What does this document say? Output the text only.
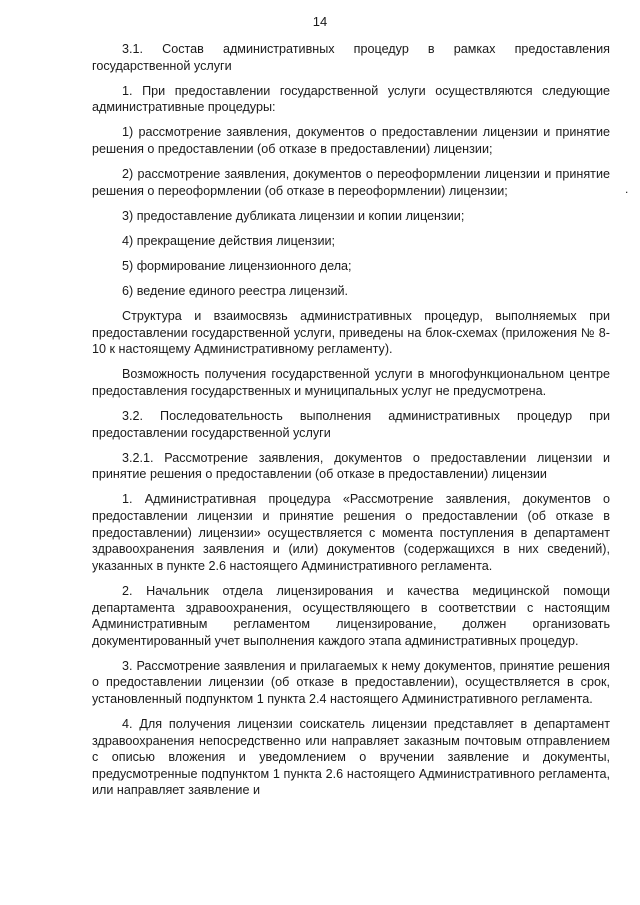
14

3.1. Состав административных процедур в рамках предоставления государственной услуги

1. При предоставлении государственной услуги осуществляются следующие административные процедуры:

1) рассмотрение заявления, документов о предоставлении лицензии и принятие решения о предоставлении (об отказе в предоставлении) лицензии;

2) рассмотрение заявления, документов о переоформлении лицензии и принятие решения о переоформлении (об отказе в переоформлении) лицензии;

3) предоставление дубликата лицензии и копии лицензии;

4) прекращение действия лицензии;

5) формирование лицензионного дела;

6) ведение единого реестра лицензий.

Структура и взаимосвязь административных процедур, выполняемых при предоставлении государственной услуги, приведены на блок-схемах (приложения № 8-10 к настоящему Административному регламенту).

Возможность получения государственной услуги в многофункциональном центре предоставления государственных и муниципальных услуг не предусмотрена.

3.2. Последовательность выполнения административных процедур при предоставлении государственной услуги

3.2.1. Рассмотрение заявления, документов о предоставлении лицензии и принятие решения о предоставлении (об отказе в предоставлении) лицензии

1. Административная процедура «Рассмотрение заявления, документов о предоставлении лицензии и принятие решения о предоставлении (об отказе в предоставлении) лицензии» осуществляется с момента поступления в департамент здравоохранения заявления и (или) документов (содержащихся в них сведений), указанных в пункте 2.6 настоящего Административного регламента.

2. Начальник отдела лицензирования и качества медицинской помощи департамента здравоохранения, осуществляющего в соответствии с настоящим Административным регламентом лицензирование, должен организовать документированный учет выполнения каждого этапа административных процедур.

3. Рассмотрение заявления и прилагаемых к нему документов, принятие решения о предоставлении лицензии (об отказе в предоставлении), осуществляется в срок, установленный подпунктом 1 пункта 2.4 настоящего Административного регламента.

4. Для получения лицензии соискатель лицензии представляет в департамент здравоохранения непосредственно или направляет заказным почтовым отправлением с описью вложения и уведомлением о вручении заявление и документы, предусмотренные подпунктом 1 пункта 2.6 настоящего Административного регламента, или направляет заявление и

.
